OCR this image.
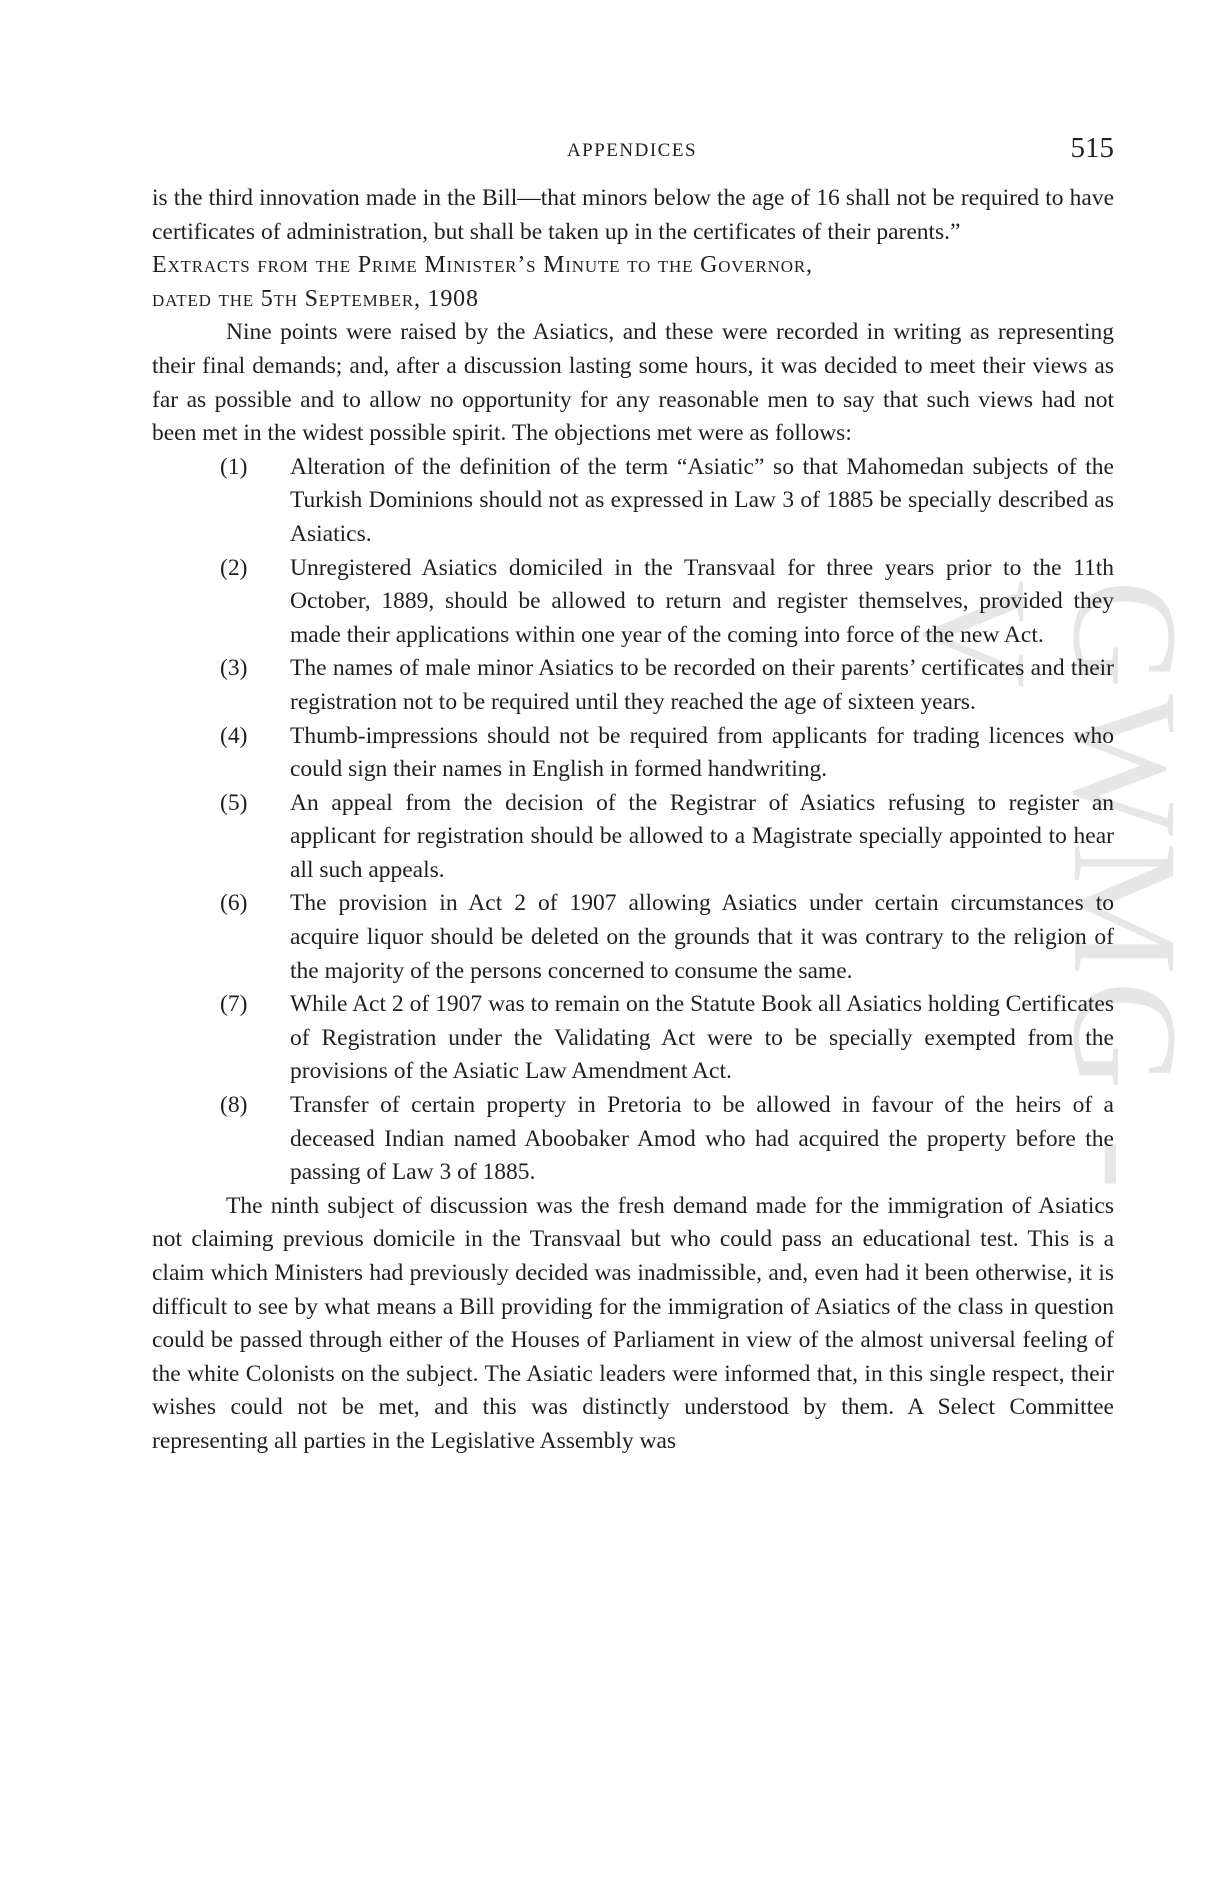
GWMG - V
APPENDICES	515

is the third innovation made in the Bill—that minors below the age of 16 shall not be required to have certificates of administration, but shall be taken up in the certificates of their parents.”

Extracts from the Prime Minister’s Minute to the Governor,

dated the 5th September, 1908

Nine points were raised by the Asiatics, and these were recorded in writing as representing their final demands; and, after a discussion lasting some hours, it was decided to meet their views as far as possible and to allow no opportunity for any reasonable men to say that such views had not been met in the widest possible spirit. The objections met were as follows:

(1)	Alteration of the definition of the term “Asiatic” so that Mahomedan subjects of the Turkish Dominions should not as expressed in Law 3 of 1885 be specially described as Asiatics.
(2)	Unregistered Asiatics domiciled in the Transvaal for three years prior to the 11th October, 1889, should be allowed to return and register themselves, provided they made their applications within one year of the coming into force of the new Act.
(3)	The names of male minor Asiatics to be recorded on their parents’ certificates and their registration not to be required until they reached the age of sixteen years.
(4)	Thumb-impressions should not be required from applicants for trading licences who could sign their names in English in formed handwriting.
(5)	An appeal from the decision of the Registrar of Asiatics refusing to register an applicant for registration should be allowed to a Magistrate specially appointed to hear all such appeals.
(6)	The provision in Act 2 of 1907 allowing Asiatics under certain circumstances to acquire liquor should be deleted on the grounds that it was contrary to the religion of the majority of the persons concerned to consume the same.
(7)	While Act 2 of 1907 was to remain on the Statute Book all Asiatics holding Certificates of Registration under the Validating Act were to be specially exempted from the provisions of the Asiatic Law Amendment Act.
(8)	Transfer of certain property in Pretoria to be allowed in favour of the heirs of a deceased Indian named Aboobaker Amod who had acquired the property before the passing of Law 3 of 1885.

The ninth subject of discussion was the fresh demand made for the immigration of Asiatics not claiming previous domicile in the Transvaal but who could pass an educational test. This is a claim which Ministers had previously decided was inadmissible, and, even had it been otherwise, it is difficult to see by what means a Bill providing for the immigration of Asiatics of the class in question could be passed through either of the Houses of Parliament in view of the almost universal feeling of the white Colonists on the subject. The Asiatic leaders were informed that, in this single respect, their wishes could not be met, and this was distinctly understood by them. A Select Committee representing all parties in the Legislative Assembly was
